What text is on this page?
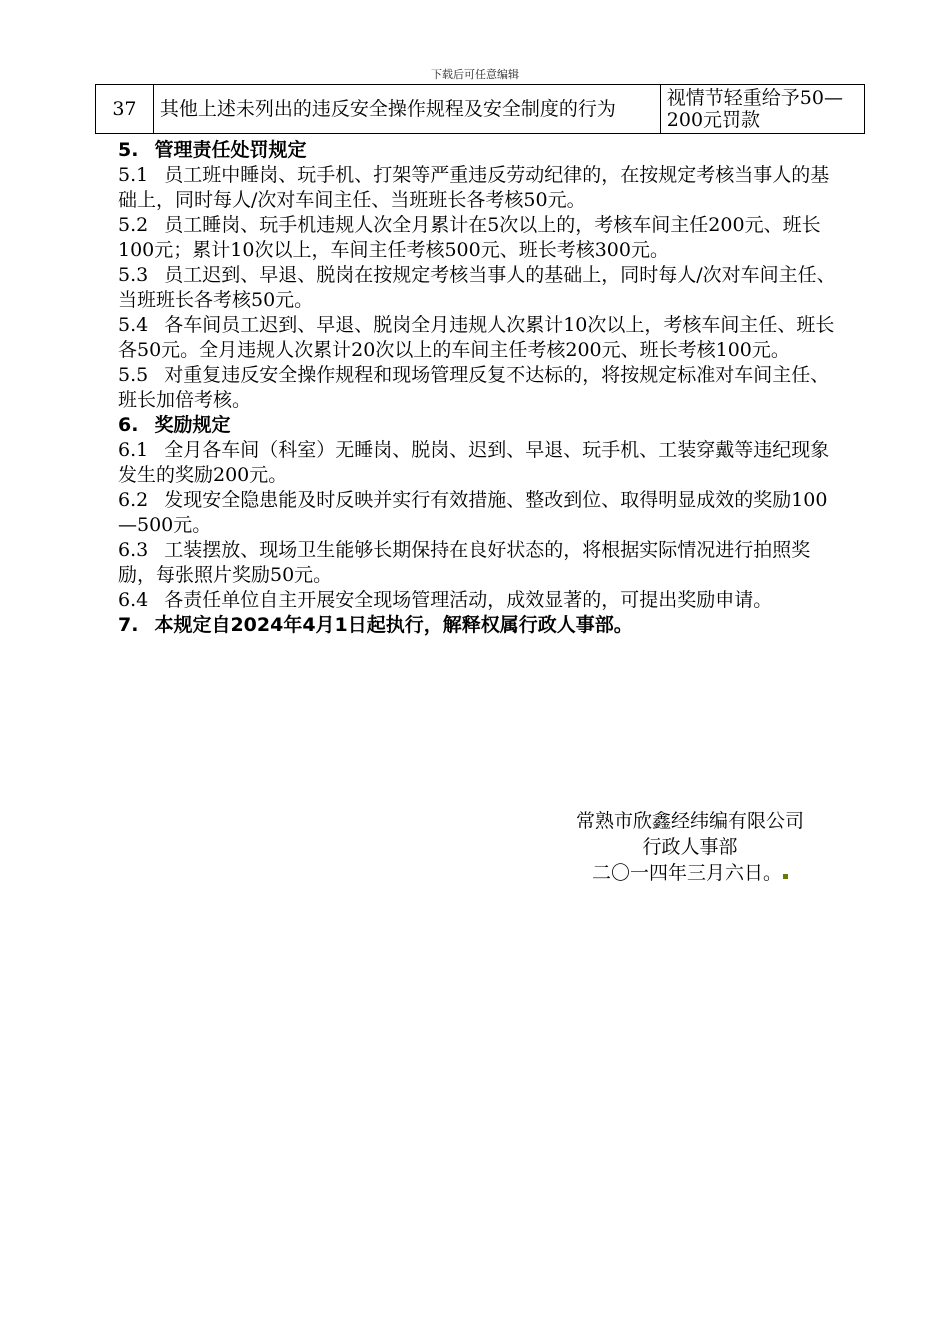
下载后可任意编辑
37	其他上述未列出的违反安全操作规程及安全制度的行为	视情节轻重给予50—200元罚款

5. 管理责任处罚规定

5.1 员工班中睡岗、玩手机、打架等严重违反劳动纪律的，在按规定考核当事人的基础上，同时每人/次对车间主任、当班班长各考核50元。

5.2 员工睡岗、玩手机违规人次全月累计在5次以上的，考核车间主任200元、班长100元；累计10次以上，车间主任考核500元、班长考核300元。

5.3 员工迟到、早退、脱岗在按规定考核当事人的基础上，同时每人/次对车间主任、当班班长各考核50元。

5.4 各车间员工迟到、早退、脱岗全月违规人次累计10次以上，考核车间主任、班长各50元。全月违规人次累计20次以上的车间主任考核200元、班长考核100元。

5.5 对重复违反安全操作规程和现场管理反复不达标的，将按规定标准对车间主任、班长加倍考核。

6. 奖励规定

6.1 全月各车间（科室）无睡岗、脱岗、迟到、早退、玩手机、工装穿戴等违纪现象发生的奖励200元。

6.2 发现安全隐患能及时反映并实行有效措施、整改到位、取得明显成效的奖励100—500元。

6.3 工装摆放、现场卫生能够长期保持在良好状态的，将根据实际情况进行拍照奖励，每张照片奖励50元。

6.4 各责任单位自主开展安全现场管理活动，成效显著的，可提出奖励申请。

7. 本规定自2024年4月1日起执行，解释权属行政人事部。

常熟市欣鑫经纬编有限公司

行政人事部

二〇一四年三月六日。
